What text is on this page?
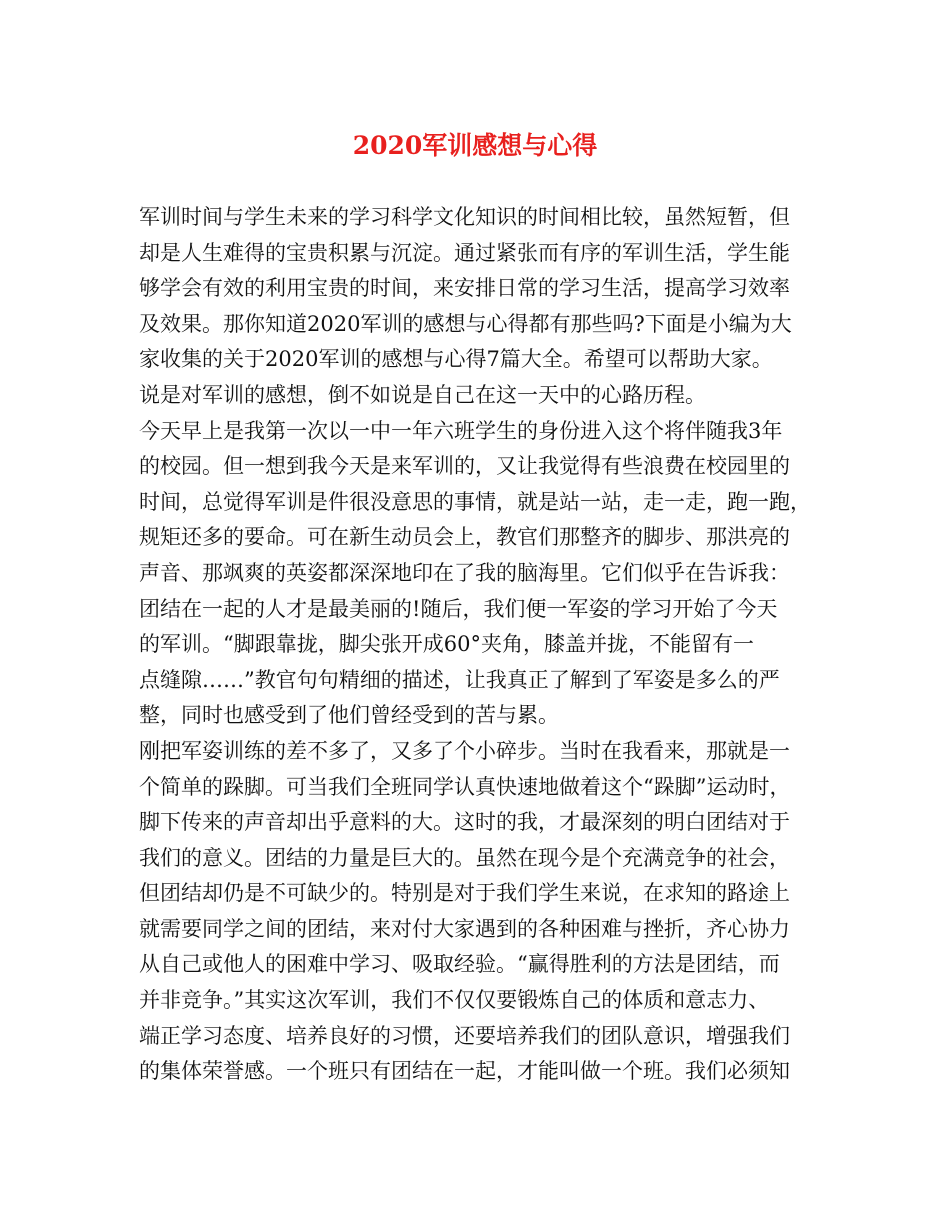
2020军训感想与心得
军训时间与学生未来的学习科学文化知识的时间相比较，虽然短暂，但
却是人生难得的宝贵积累与沉淀。通过紧张而有序的军训生活，学生能
够学会有效的利用宝贵的时间，来安排日常的学习生活，提高学习效率
及效果。那你知道2020军训的感想与心得都有那些吗?下面是小编为大
家收集的关于2020军训的感想与心得7篇大全。希望可以帮助大家。
说是对军训的感想，倒不如说是自己在这一天中的心路历程。
今天早上是我第一次以一中一年六班学生的身份进入这个将伴随我3年
的校园。但一想到我今天是来军训的，又让我觉得有些浪费在校园里的
时间，总觉得军训是件很没意思的事情，就是站一站，走一走，跑一跑，
规矩还多的要命。可在新生动员会上，教官们那整齐的脚步、那洪亮的
声音、那飒爽的英姿都深深地印在了我的脑海里。它们似乎在告诉我：
团结在一起的人才是最美丽的!随后，我们便一军姿的学习开始了今天
的军训。“脚跟靠拢，脚尖张开成60°夹角，膝盖并拢，不能留有一
点缝隙……”教官句句精细的描述，让我真正了解到了军姿是多么的严
整，同时也感受到了他们曾经受到的苦与累。
刚把军姿训练的差不多了，又多了个小碎步。当时在我看来，那就是一
个简单的跺脚。可当我们全班同学认真快速地做着这个“跺脚”运动时，
脚下传来的声音却出乎意料的大。这时的我，才最深刻的明白团结对于
我们的意义。团结的力量是巨大的。虽然在现今是个充满竞争的社会，
但团结却仍是不可缺少的。特别是对于我们学生来说，在求知的路途上
就需要同学之间的团结，来对付大家遇到的各种困难与挫折，齐心协力
从自己或他人的困难中学习、吸取经验。“赢得胜利的方法是团结，而
并非竞争。”其实这次军训，我们不仅仅要锻炼自己的体质和意志力、
端正学习态度、培养良好的习惯，还要培养我们的团队意识，增强我们
的集体荣誉感。一个班只有团结在一起，才能叫做一个班。我们必须知
